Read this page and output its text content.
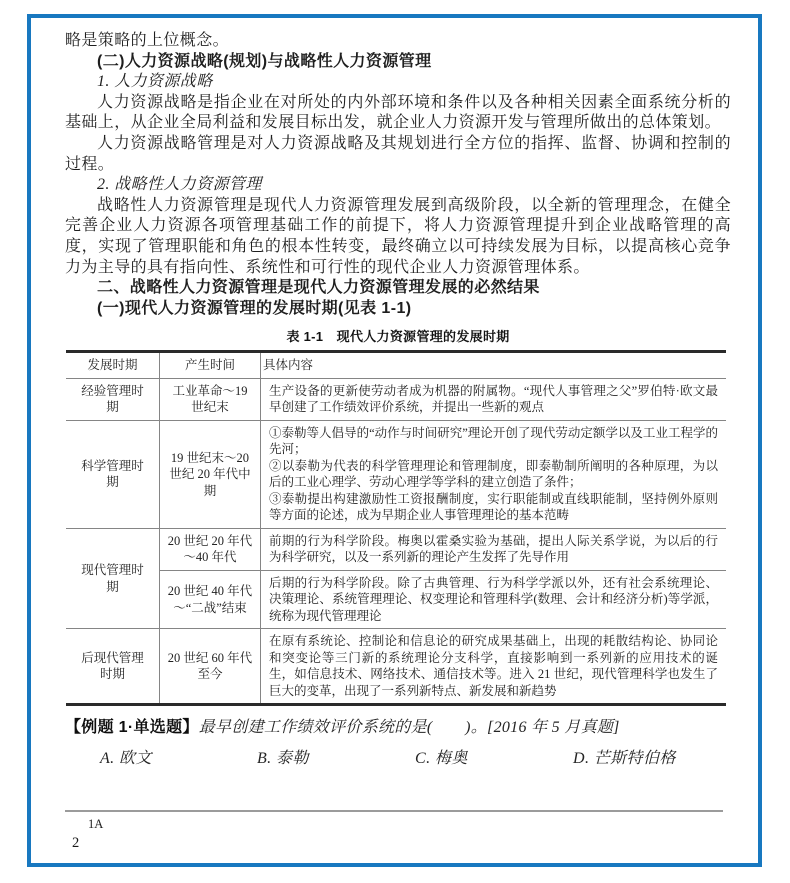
略是策略的上位概念。

(二)人力资源战略(规划)与战略性人力资源管理

1. 人力资源战略

人力资源战略是指企业在对所处的内外部环境和条件以及各种相关因素全面系统分析的基础上，从企业全局利益和发展目标出发，就企业人力资源开发与管理所做出的总体策划。

人力资源战略管理是对人力资源战略及其规划进行全方位的指挥、监督、协调和控制的过程。

2. 战略性人力资源管理

战略性人力资源管理是现代人力资源管理发展到高级阶段，以全新的管理理念，在健全完善企业人力资源各项管理基础工作的前提下，将人力资源管理提升到企业战略管理的高度，实现了管理职能和角色的根本性转变，最终确立以可持续发展为目标，以提高核心竞争力为主导的具有指向性、系统性和可行性的现代企业人力资源管理体系。

二、战略性人力资源管理是现代人力资源管理发展的必然结果

(一)现代人力资源管理的发展时期(见表 1-1)

表 1-1　现代人力资源管理的发展时期
发展时期	产生时间	具体内容
经验管理时期	工业革命～19 世纪末	生产设备的更新使劳动者成为机器的附属物。“现代人事管理之父”罗伯特·欧文最早创建了工作绩效评价系统，并提出一些新的观点

科学管理时期	19 世纪末～20 世纪 20 年代中期	①泰勒等人倡导的“动作与时间研究”理论开创了现代劳动定额学以及工业工程学的先河；
②以泰勒为代表的科学管理理论和管理制度，即泰勒制所阐明的各种原理，为以后的工业心理学、劳动心理学等学科的建立创造了条件；
③泰勒提出构建激励性工资报酬制度，实行职能制或直线职能制，坚持例外原则等方面的论述，成为早期企业人事管理理论的基本范畴

现代管理时期	20 世纪 20 年代～40 年代	前期的行为科学阶段。梅奥以霍桑实验为基础，提出人际关系学说，为以后的行为科学研究，以及一系列新的理论产生发挥了先导作用

	20 世纪 40 年代～“二战”结束	后期的行为科学阶段。除了古典管理、行为科学学派以外，还有社会系统理论、决策理论、系统管理理论、权变理论和管理科学(数理、会计和经济分析)等学派，统称为现代管理理论

后现代管理时期	20 世纪 60 年代至今	在原有系统论、控制论和信息论的研究成果基础上，出现的耗散结构论、协同论和突变论等三门新的系统理论分支科学，直接影响到一系列新的应用技术的诞生，如信息技术、网络技术、通信技术等。进入 21 世纪，现代管理科学也发生了巨大的变革，出现了一系列新特点、新发展和新趋势
【例题 1·单选题】最早创建工作绩效评价系统的是(　　)。[2016 年 5 月真题]
A. 欧文	B. 泰勒	C. 梅奥	D. 芒斯特伯格
1A
2
